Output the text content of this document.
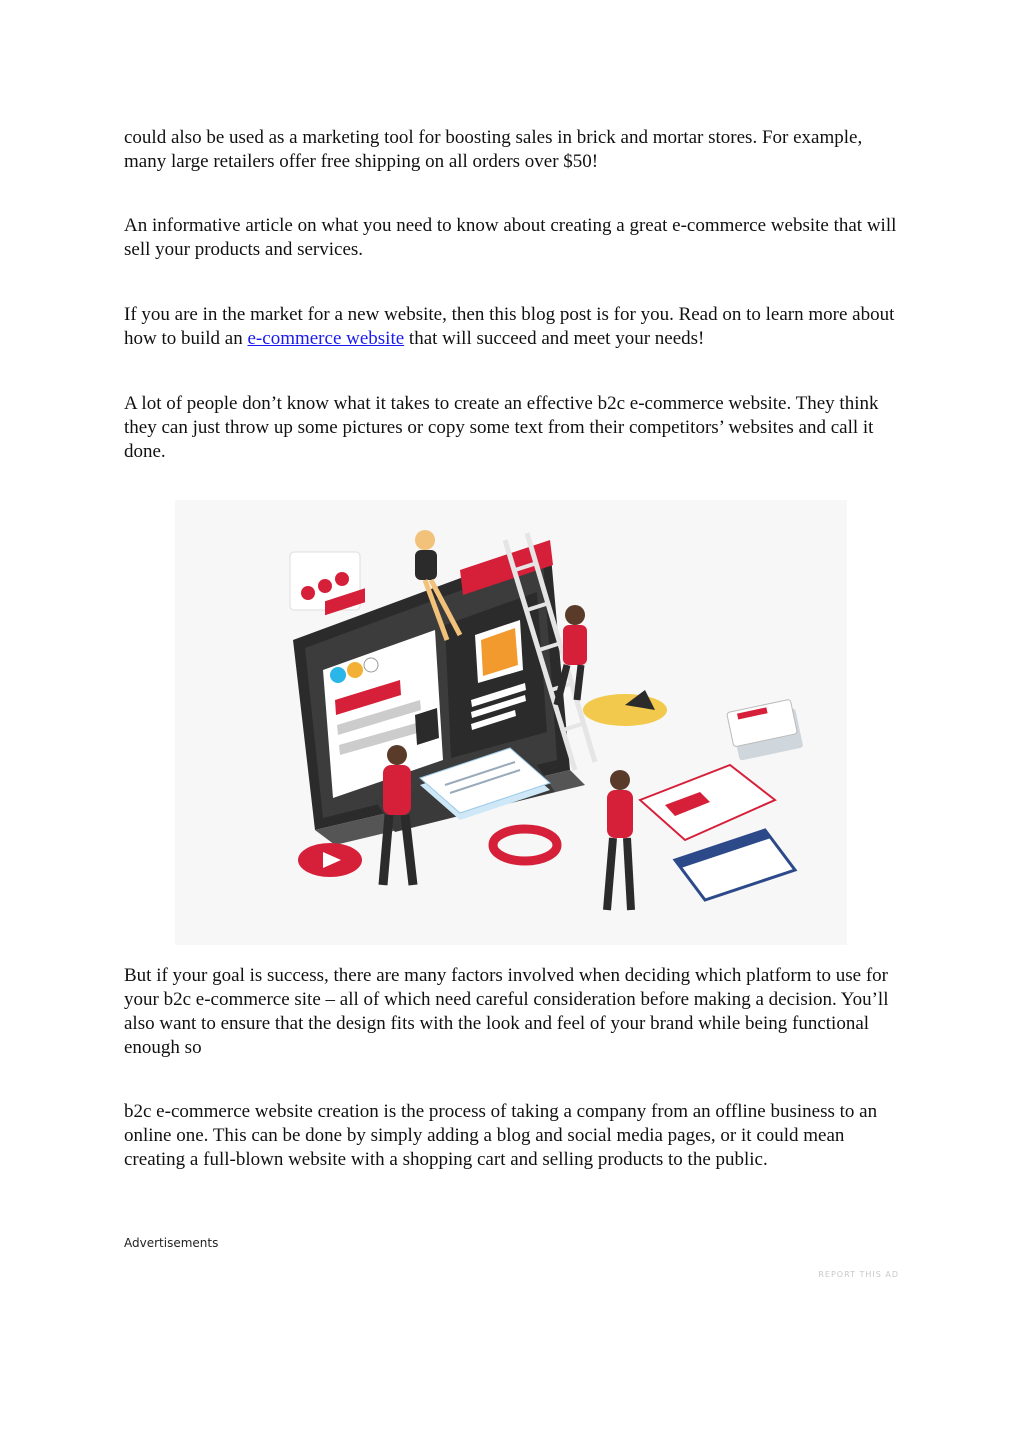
could also be used as a marketing tool for boosting sales in brick and mortar stores. For example, many large retailers offer free shipping on all orders over $50!

An informative article on what you need to know about creating a great e-commerce website that will sell your products and services.

If you are in the market for a new website, then this blog post is for you. Read on to learn more about how to build an e-commerce website that will succeed and meet your needs!

A lot of people don’t know what it takes to create an effective b2c e-commerce website. They think they can just throw up some pictures or copy some text from their competitors’ websites and call it done.

But if your goal is success, there are many factors involved when deciding which platform to use for your b2c e-commerce site – all of which need careful consideration before making a decision. You’ll also want to ensure that the design fits with the look and feel of your brand while being functional enough so

b2c e-commerce website creation is the process of taking a company from an offline business to an online one. This can be done by simply adding a blog and social media pages, or it could mean creating a full-blown website with a shopping cart and selling products to the public.

Advertisements
REPORT THIS AD
